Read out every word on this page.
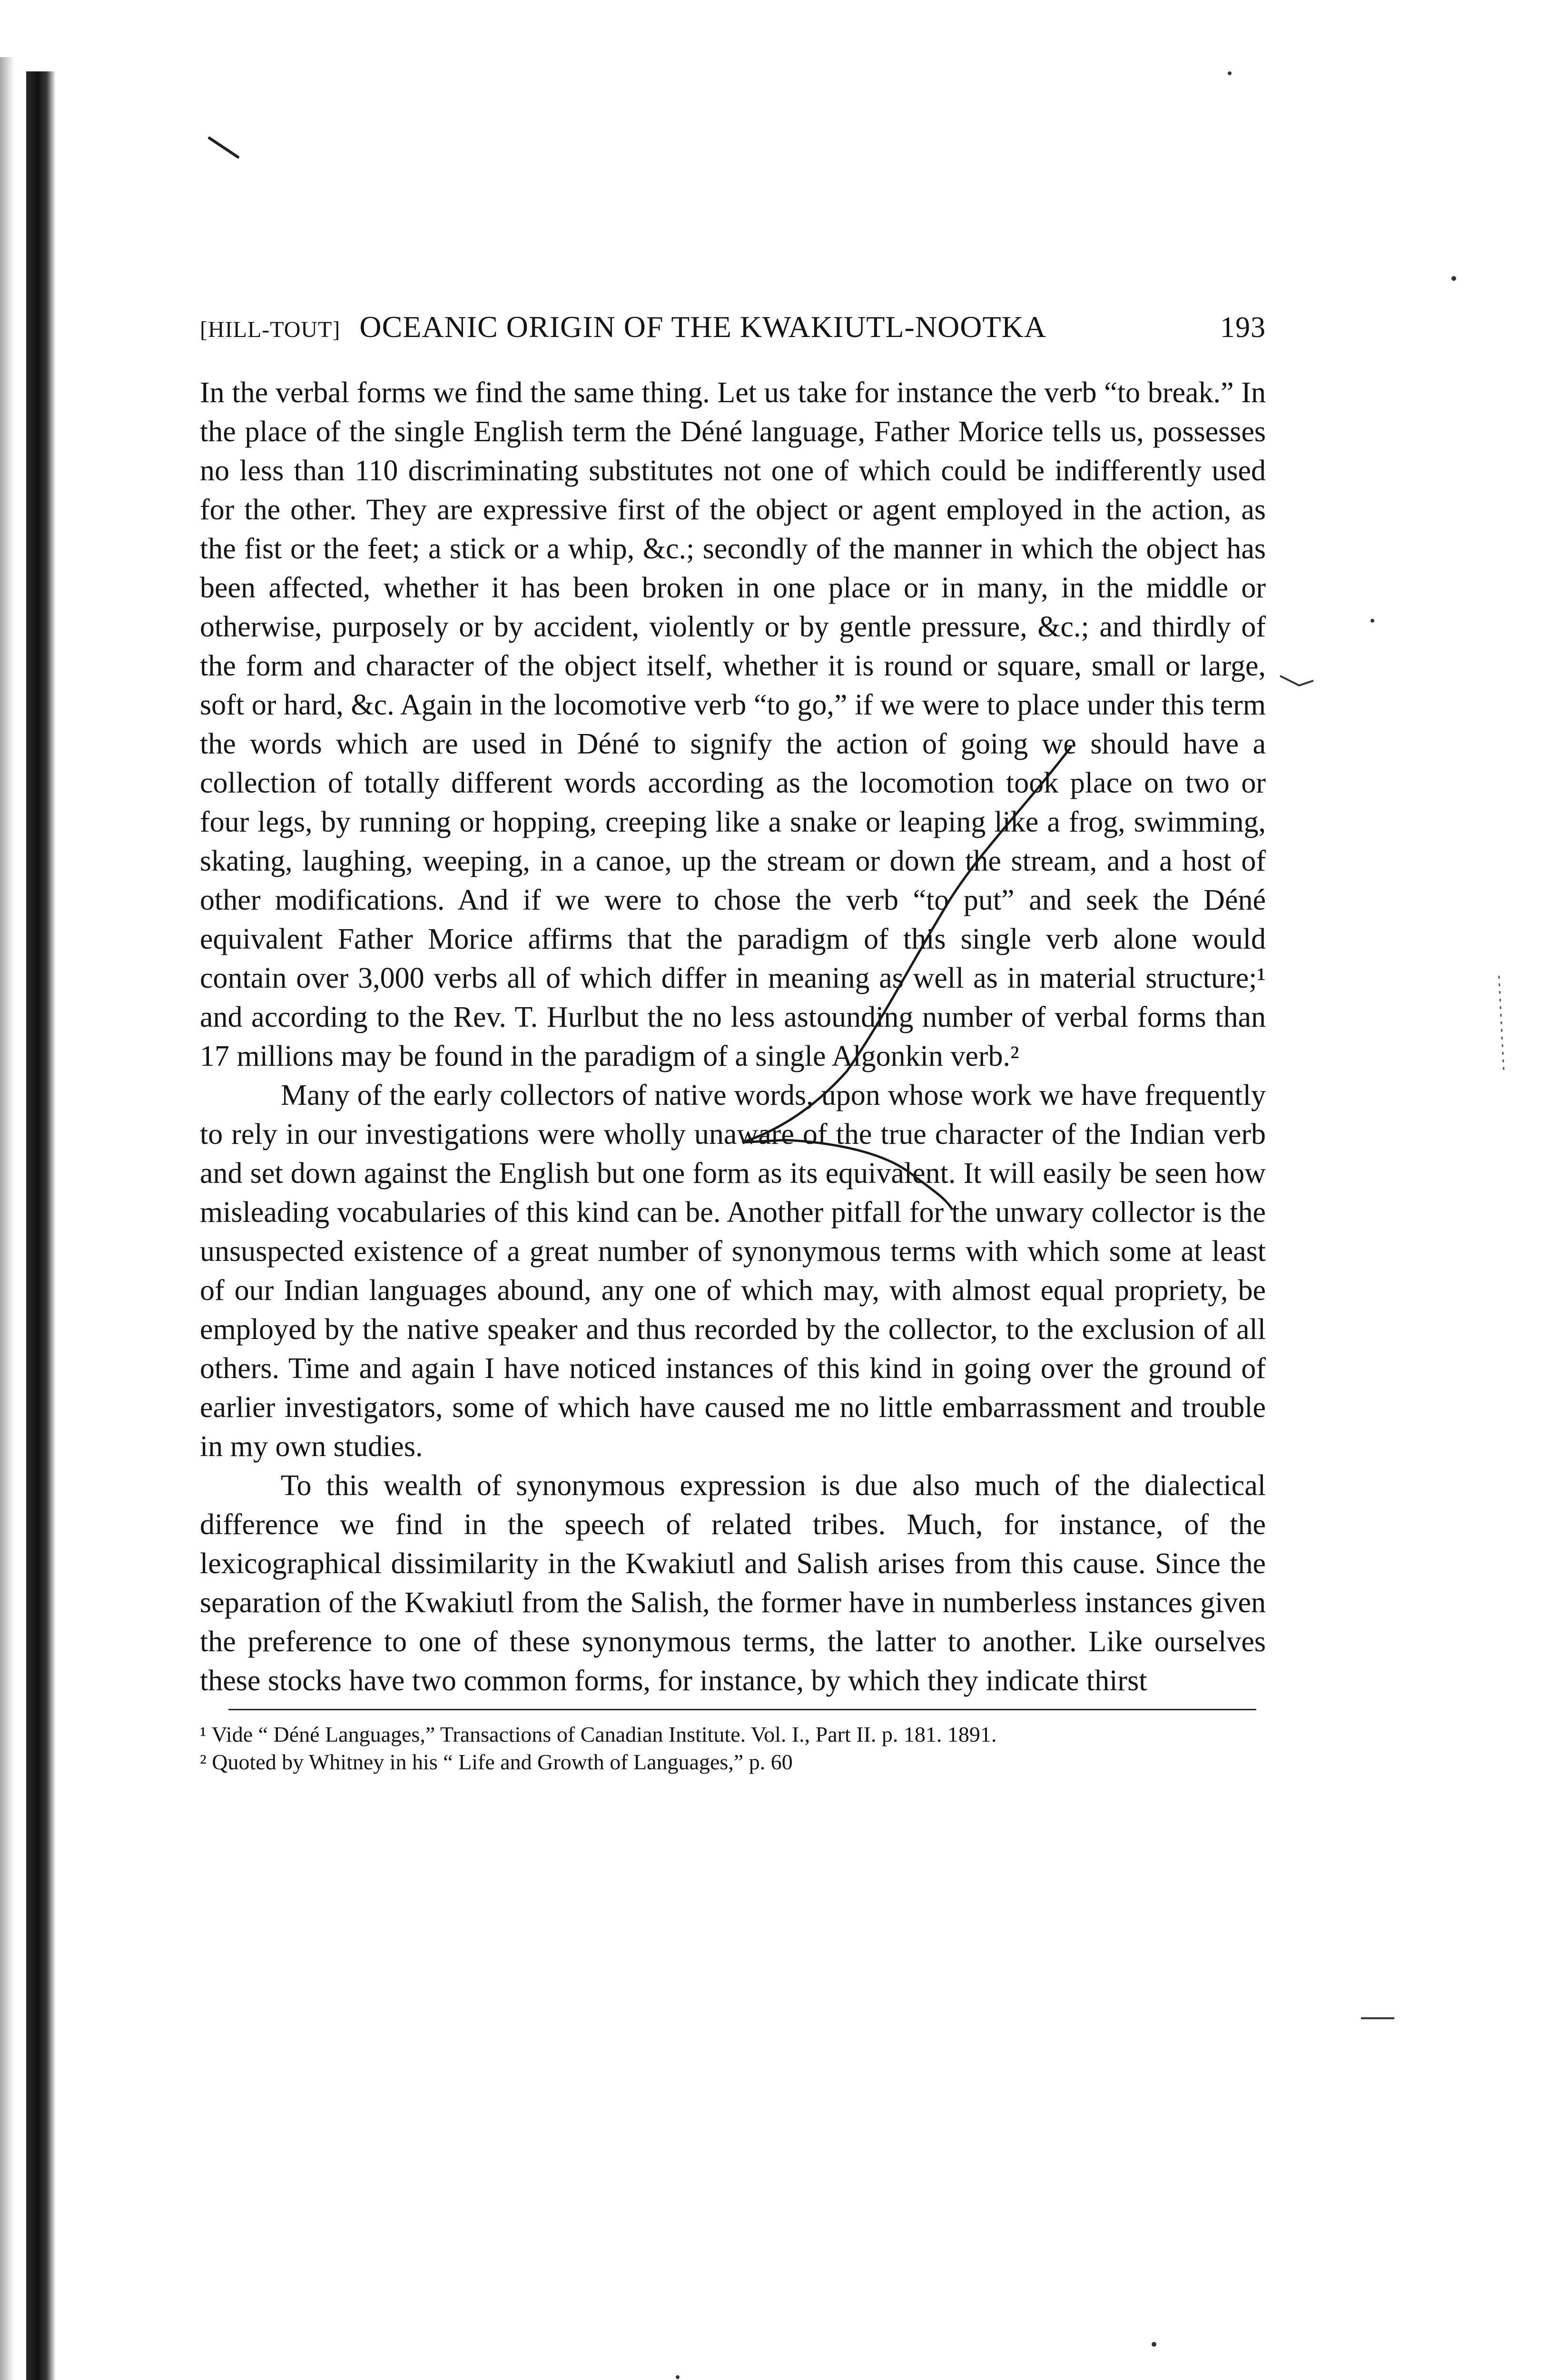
[HILL-TOUT] OCEANIC ORIGIN OF THE KWAKIUTL-NOOTKA	193

In the verbal forms we find the same thing. Let us take for instance the verb “to break.” In the place of the single English term the Déné language, Father Morice tells us, possesses no less than 110 discriminating substitutes not one of which could be indifferently used for the other. They are expressive first of the object or agent employed in the action, as the fist or the feet; a stick or a whip, &c.; secondly of the manner in which the object has been affected, whether it has been broken in one place or in many, in the middle or otherwise, purposely or by accident, violently or by gentle pressure, &c.; and thirdly of the form and character of the object itself, whether it is round or square, small or large, soft or hard, &c. Again in the locomotive verb “to go,” if we were to place under this term the words which are used in Déné to signify the action of going we should have a collection of totally different words according as the locomotion took place on two or four legs, by running or hopping, creeping like a snake or leaping like a frog, swimming, skating, laughing, weeping, in a canoe, up the stream or down the stream, and a host of other modifications. And if we were to chose the verb “to put” and seek the Déné equivalent Father Morice affirms that the paradigm of this single verb alone would contain over 3,000 verbs all of which differ in meaning as well as in material structure;¹ and according to the Rev. T. Hurlbut the no less astounding number of verbal forms than 17 millions may be found in the paradigm of a single Algonkin verb.²

Many of the early collectors of native words, upon whose work we have frequently to rely in our investigations were wholly unaware of the true character of the Indian verb and set down against the English but one form as its equivalent. It will easily be seen how misleading vocabularies of this kind can be. Another pitfall for the unwary collector is the unsuspected existence of a great number of synonymous terms with which some at least of our Indian languages abound, any one of which may, with almost equal propriety, be employed by the native speaker and thus recorded by the collector, to the exclusion of all others. Time and again I have noticed instances of this kind in going over the ground of earlier investigators, some of which have caused me no little embarrassment and trouble in my own studies.

To this wealth of synonymous expression is due also much of the dialectical difference we find in the speech of related tribes. Much, for instance, of the lexicographical dissimilarity in the Kwakiutl and Salish arises from this cause. Since the separation of the Kwakiutl from the Salish, the former have in numberless instances given the preference to one of these synonymous terms, the latter to another. Like ourselves these stocks have two common forms, for instance, by which they indicate thirst

¹ Vide “ Déné Languages,” Transactions of Canadian Institute. Vol. I., Part II. p. 181. 1891.

² Quoted by Whitney in his “ Life and Growth of Languages,” p. 60
